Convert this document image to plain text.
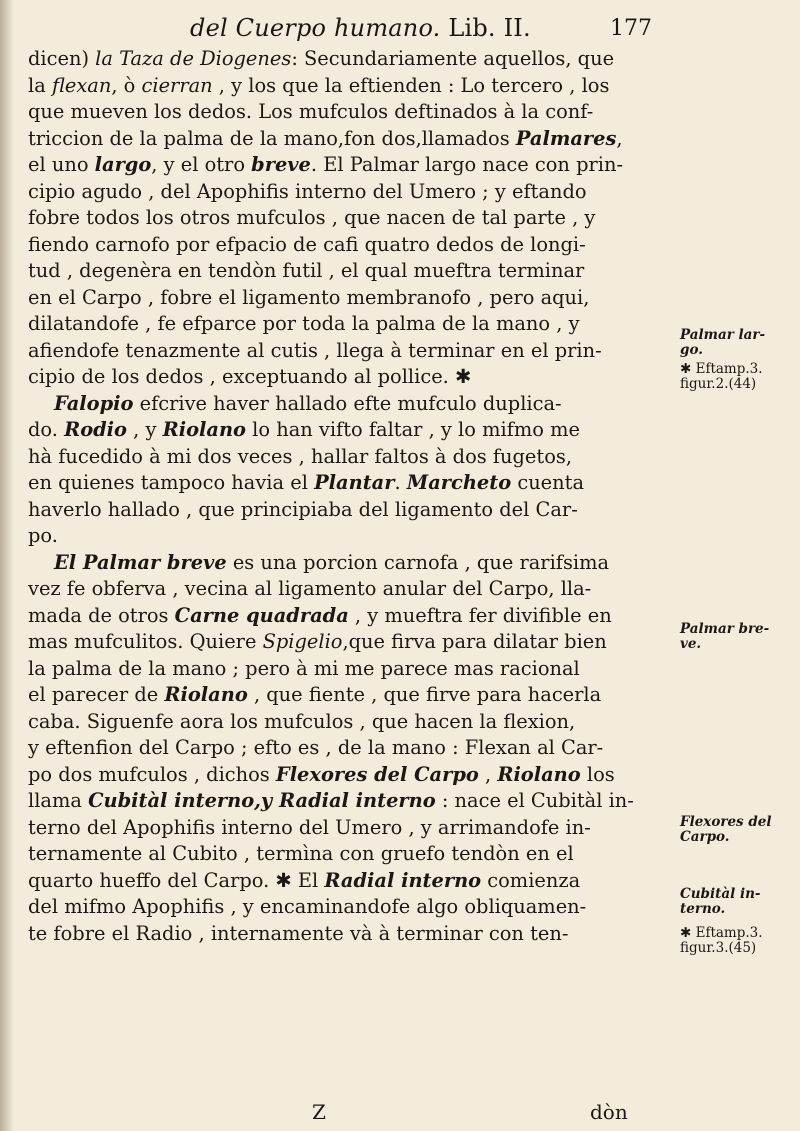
del Cuerpo humano. Lib. II.	177
dicen) la Taza de Diogenes: Secundariamente aquellos, que
la flexan, ò cierran , y los que la eftienden : Lo tercero , los
que mueven los dedos. Los mufculos deftinados à la conf-
triccion de la palma de la mano,fon dos,llamados Palmares,
el uno largo, y el otro breve. El Palmar largo nace con prin-
cipio agudo , del Apophifis interno del Umero ; y eftando
fobre todos los otros mufculos , que nacen de tal parte , y
fiendo carnofo por efpacio de cafi quatro dedos de longi-
tud , degenèra en tendòn futil , el qual mueftra terminar
en el Carpo , fobre el ligamento membranofo , pero aqui,
dilatandofe , fe efparce por toda la palma de la mano , y
afiendofe tenazmente al cutis , llega à terminar en el prin-
cipio de los dedos , exceptuando al pollice. ✱
Falopio efcrive haver hallado efte mufculo duplica-
do. Rodio , y Riolano lo han vifto faltar , y lo mifmo me
hà fucedido à mi dos veces , hallar faltos à dos fugetos,
en quienes tampoco havia el Plantar. Marcheto cuenta
haverlo hallado , que principiaba del ligamento del Car-
po.
El Palmar breve es una porcion carnofa , que rarifsima
vez fe obferva , vecina al ligamento anular del Carpo, lla-
mada de otros Carne quadrada , y mueftra fer divifible en
mas mufculitos. Quiere Spigelio,que firva para dilatar bien
la palma de la mano ; pero à mi me parece mas racional
el parecer de Riolano , que fiente , que firve para hacerla
caba. Siguenfe aora los mufculos , que hacen la flexion,
y eftenfion del Carpo ; efto es , de la mano : Flexan al Car-
po dos mufculos , dichos Flexores del Carpo , Riolano los
llama Cubitàl interno,y Radial interno : nace el Cubitàl in-
terno del Apophifis interno del Umero , y arrimandofe in-
ternamente al Cubito , termìna con gruefo tendòn en el
quarto hueffo del Carpo. ✱ El Radial interno comienza
del mifmo Apophifis , y encaminandofe algo obliquamen-
te fobre el Radio , internamente và à terminar con ten-
Palmar lar-
go.
✱ Eftamp.3.
figur.2.(44)
Palmar bre-
ve.
Flexores del
Carpo.
Cubitàl in-
terno.
✱ Eftamp.3.
figur.3.(45)
Z	dòn
